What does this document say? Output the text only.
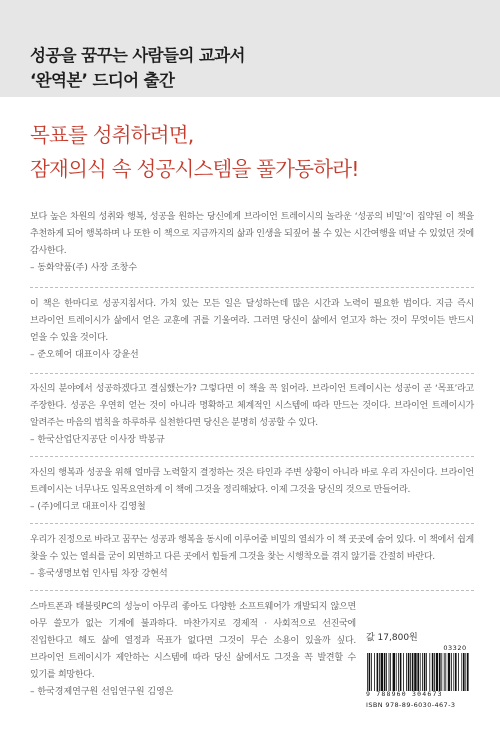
성공을 꿈꾸는 사람들의 교과서
‘완역본’ 드디어 출간
목표를 성취하려면,
잠재의식 속 성공시스템을 풀가동하라!
보다 높은 차원의 성취와 행복, 성공을 원하는 당신에게 브라이언 트레이시의 놀라운 ‘성공의 비밀’이 집약된 이 책을 추천하게 되어 행복하며 나 또한 이 책으로 지금까지의 삶과 인생을 되짚어 볼 수 있는 시간여행을 떠날 수 있었던 것에 감사한다.
– 동화약품(주) 사장 조창수
이 책은 한마디로 성공지침서다. 가치 있는 모든 일은 달성하는데 많은 시간과 노력이 필요한 법이다. 지금 즉시 브라이언 트레이시가 삶에서 얻은 교훈에 귀를 기울여라. 그러면 당신이 삶에서 얻고자 하는 것이 무엇이든 반드시 얻을 수 있을 것이다.
– 준오헤어 대표이사 강윤선
자신의 분야에서 성공하겠다고 결심했는가? 그렇다면 이 책을 꼭 읽어라. 브라이언 트레이시는 성공이 곧 ‘목표’라고 주장한다. 성공은 우연히 얻는 것이 아니라 명확하고 체계적인 시스템에 따라 만드는 것이다. 브라이언 트레이시가 알려주는 마음의 법칙을 하루하루 실천한다면 당신은 분명히 성공할 수 있다.
– 한국산업단지공단 이사장 박봉규
자신의 행복과 성공을 위해 얼마큼 노력할지 결정하는 것은 타인과 주변 상황이 아니라 바로 우리 자신이다. 브라이언 트레이시는 너무나도 일목요연하게 이 책에 그것을 정리해놨다. 이제 그것을 당신의 것으로 만들어라.
– (주)에디코 대표이사 김영철
우리가 진정으로 바라고 꿈꾸는 성공과 행복을 동시에 이루어줄 비밀의 열쇠가 이 책 곳곳에 숨어 있다. 이 책에서 쉽게 찾을 수 있는 열쇠를 굳이 외면하고 다른 곳에서 힘들게 그것을 찾는 시행착오를 겪지 않기를 간절히 바란다.
– 흥국생명보험 인사팀 차장 강현석
스마트폰과 태블릿PC의 성능이 아무리 좋아도 다양한 소프트웨어가 개발되지 않으면 아무 쓸모가 없는 기계에 불과하다. 마찬가지로 경제적 · 사회적으로 선진국에 진입한다고 해도 삶에 열정과 목표가 없다면 그것이 무슨 소용이 있을까 싶다. 브라이언 트레이시가 제안하는 시스템에 따라 당신 삶에서도 그것을 꼭 발견할 수 있기를 희망한다.
– 한국경제연구원 선임연구원 김영은
값 17,800원
03320
9 788960 304673
ISBN 978-89-6030-467-3
